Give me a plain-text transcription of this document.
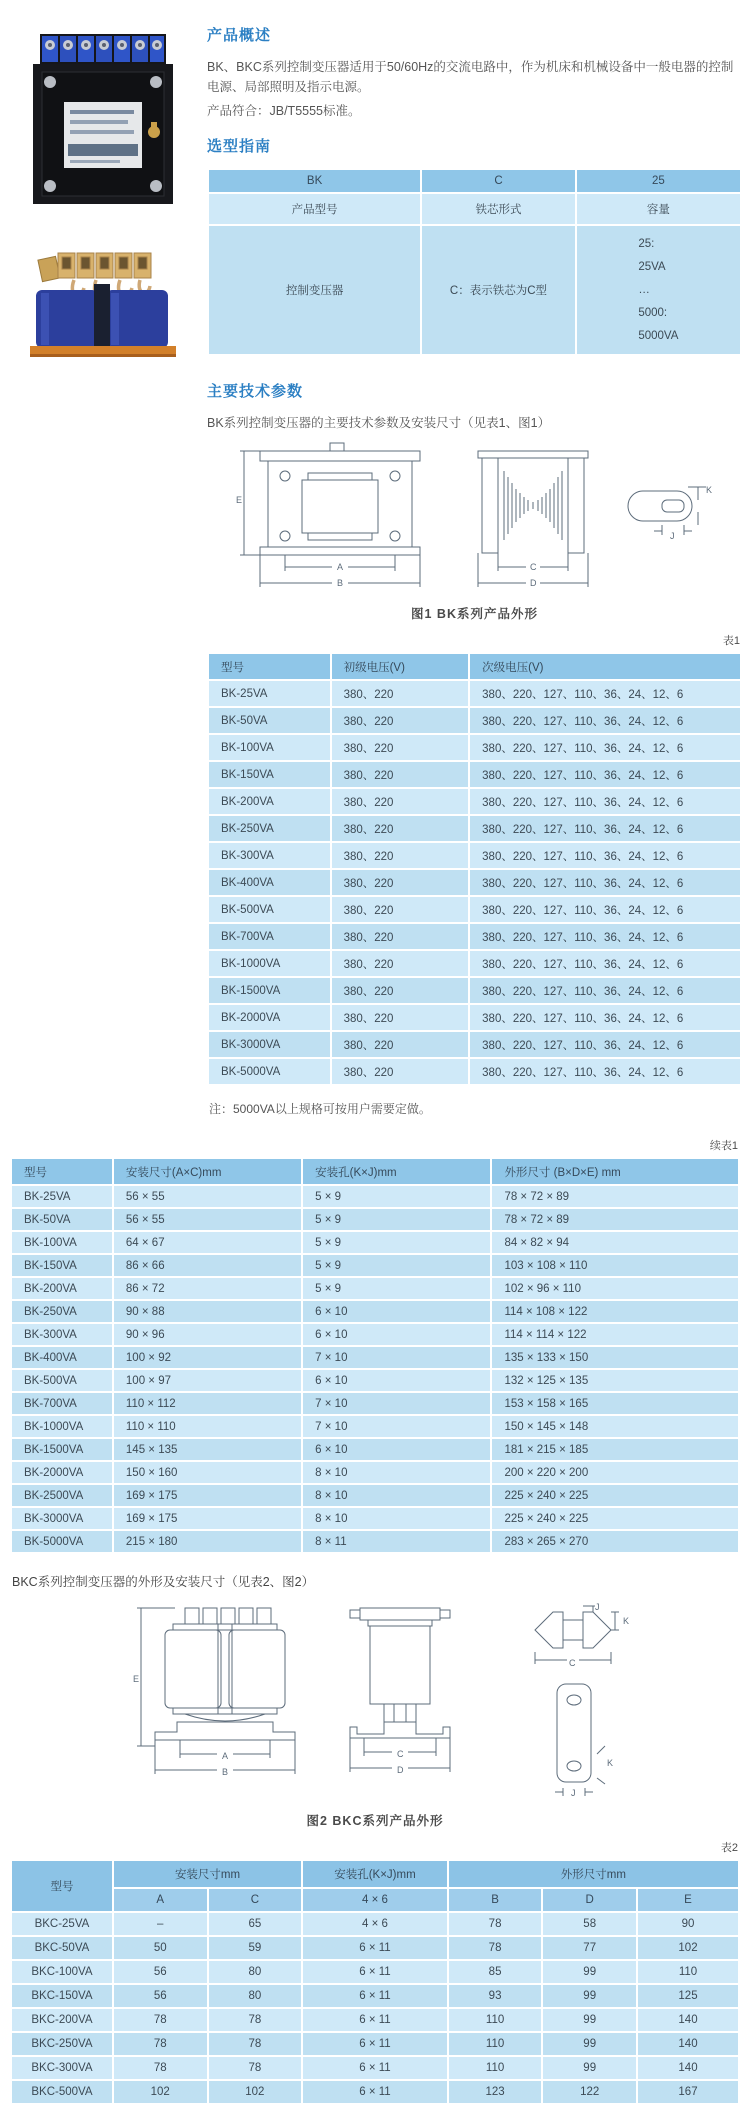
产品概述

BK、BKC系列控制变压器适用于50/60Hz的交流电路中，作为机床和机械设备中一般电器的控制电源、局部照明及指示电源。

产品符合：JB/T5555标准。

选型指南
BK	C	25
产品型号	铁芯形式	容量
控制变压器	C：表示铁芯为C型	25:
25VA
…
5000:
5000VA
主要技术参数

BK系列控制变压器的主要技术参数及安装尺寸（见表1、图1）

E
A
B
C
D
K
J
图1 BK系列产品外形
表1
型号	初级电压(V)	次级电压(V)
BK-25VA	380、220	380、220、127、110、36、24、12、6
BK-50VA	380、220	380、220、127、110、36、24、12、6
BK-100VA	380、220	380、220、127、110、36、24、12、6
BK-150VA	380、220	380、220、127、110、36、24、12、6
BK-200VA	380、220	380、220、127、110、36、24、12、6
BK-250VA	380、220	380、220、127、110、36、24、12、6
BK-300VA	380、220	380、220、127、110、36、24、12、6
BK-400VA	380、220	380、220、127、110、36、24、12、6
BK-500VA	380、220	380、220、127、110、36、24、12、6
BK-700VA	380、220	380、220、127、110、36、24、12、6
BK-1000VA	380、220	380、220、127、110、36、24、12、6
BK-1500VA	380、220	380、220、127、110、36、24、12、6
BK-2000VA	380、220	380、220、127、110、36、24、12、6
BK-3000VA	380、220	380、220、127、110、36、24、12、6
BK-5000VA	380、220	380、220、127、110、36、24、12、6

注：5000VA以上规格可按用户需要定做。

续表1
型号	安装尺寸(A×C)mm	安装孔(K×J)mm	外形尺寸 (B×D×E) mm
BK-25VA	56 × 55	5 × 9	78 × 72 × 89
BK-50VA	56 × 55	5 × 9	78 × 72 × 89
BK-100VA	64 × 67	5 × 9	84 × 82 × 94
BK-150VA	86 × 66	5 × 9	103 × 108 × 110
BK-200VA	86 × 72	5 × 9	102 × 96 × 110
BK-250VA	90 × 88	6 × 10	114 × 108 × 122
BK-300VA	90 × 96	6 × 10	114 × 114 × 122
BK-400VA	100 × 92	7 × 10	135 × 133 × 150
BK-500VA	100 × 97	6 × 10	132 × 125 × 135
BK-700VA	110 × 112	7 × 10	153 × 158 × 165
BK-1000VA	110 × 110	7 × 10	150 × 145 × 148
BK-1500VA	145 × 135	6 × 10	181 × 215 × 185
BK-2000VA	150 × 160	8 × 10	200 × 220 × 200
BK-2500VA	169 × 175	8 × 10	225 × 240 × 225
BK-3000VA	169 × 175	8 × 10	225 × 240 × 225
BK-5000VA	215 × 180	8 × 11	283 × 265 × 270

BKC系列控制变压器的外形及安装尺寸（见表2、图2）

E
A
B
C
D
J
K
C
K
J
图2 BKC系列产品外形
表2
型号	安装尺寸mm		安装孔(K×J)mm	外形尺寸mm		
	A	C	4 × 6	B	D	E
BKC-25VA	–	65	4 × 6	78	58	90
BKC-50VA	50	59	6 × 11	78	77	102
BKC-100VA	56	80	6 × 11	85	99	110
BKC-150VA	56	80	6 × 11	93	99	125
BKC-200VA	78	78	6 × 11	110	99	140
BKC-250VA	78	78	6 × 11	110	99	140
BKC-300VA	78	78	6 × 11	110	99	140
BKC-500VA	102	102	6 × 11	123	122	167
